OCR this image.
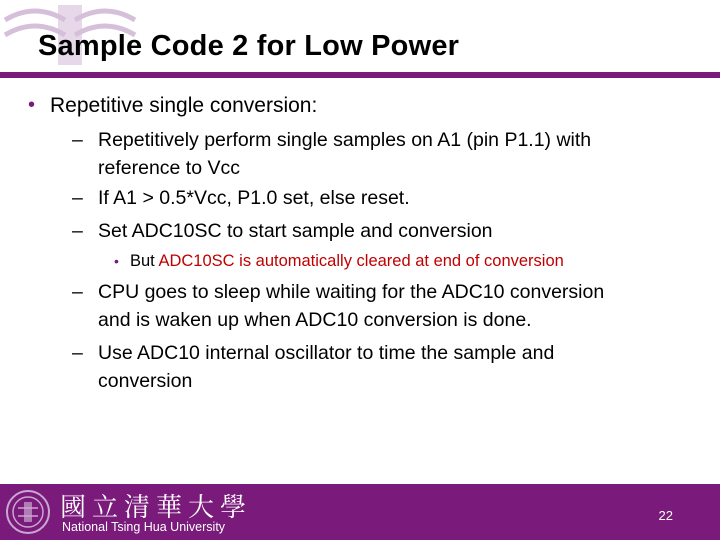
Sample Code 2 for Low Power
• Repetitive single conversion:
– Repetitively perform single samples on A1 (pin P1.1) with
reference to Vcc
– If A1 > 0.5*Vcc, P1.0 set, else reset.
– Set ADC10SC to start sample and conversion
• But ADC10SC is automatically cleared at end of conversion
– CPU goes to sleep while waiting for the ADC10 conversion
and is waken up when ADC10 conversion is done.
– Use ADC10 internal oscillator to time the sample and
conversion
國立清華大學
National Tsing Hua University
22
